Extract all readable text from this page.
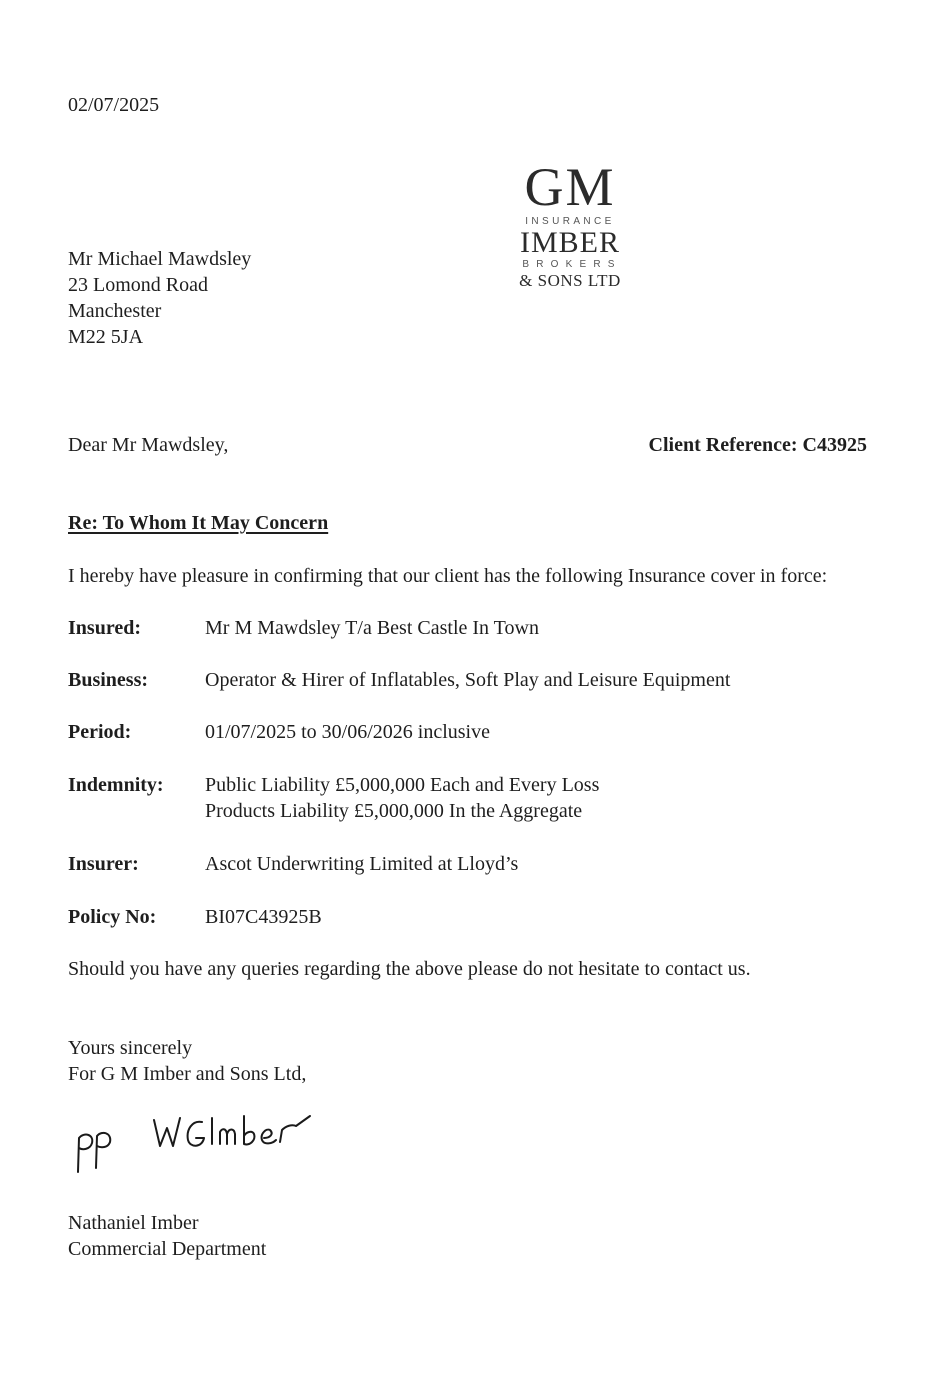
02/07/2025
GM
INSURANCE
IMBER
BROKERS
& SONS LTD
Mr Michael Mawdsley
23 Lomond Road
Manchester
M22 5JA
Dear Mr Mawdsley,	Client Reference: C43925
Re: To Whom It May Concern
I hereby have pleasure in confirming that our client has the following Insurance cover in force:
Insured:	Mr M Mawdsley T/a Best Castle In Town
Business:	Operator & Hirer of Inflatables, Soft Play and Leisure Equipment
Period:	01/07/2025 to 30/06/2026 inclusive
Indemnity: Public Liability £5,000,000 Each and Every Loss
Products Liability £5,000,000 In the Aggregate
Insurer:	Ascot Underwriting Limited at Lloyd’s
Policy No: BI07C43925B
Should you have any queries regarding the above please do not hesitate to contact us.
Yours sincerely
For G M Imber and Sons Ltd,
Nathaniel Imber
Commercial Department
